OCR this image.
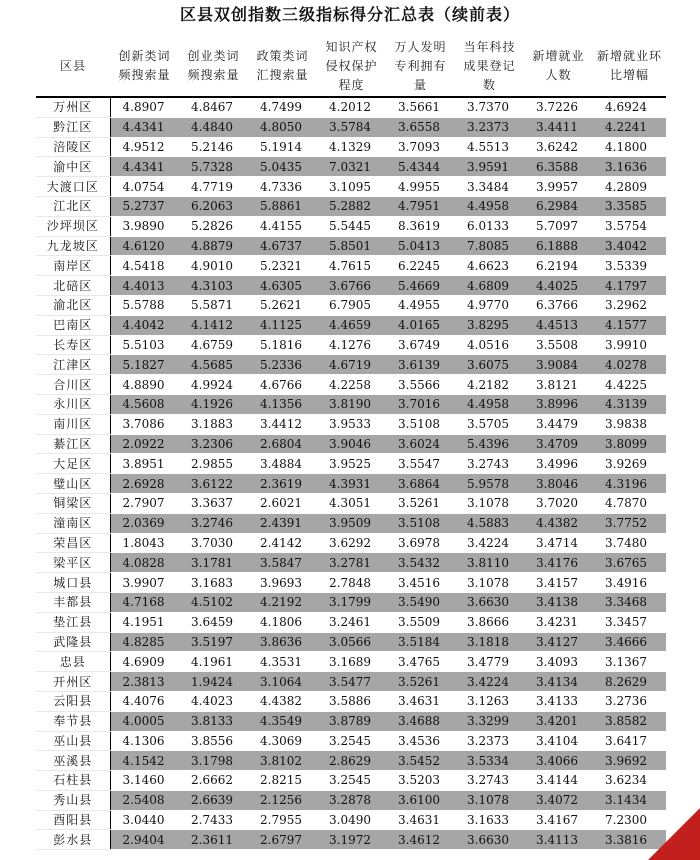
区县双创指数三级指标得分汇总表（续前表）
区县	创新类词频搜索量	创业类词频搜索量	政策类词汇搜索量	知识产权侵权保护程度	万人发明专利拥有量	当年科技成果登记数	新增就业人数	新增就业环比增幅
万州区	4.8907	4.8467	4.7499	4.2012	3.5661	3.7370	3.7226	4.6924
黔江区	4.4341	4.4840	4.8050	3.5784	3.6558	3.2373	3.4411	4.2241
涪陵区	4.9512	5.2146	5.1914	4.1329	3.7093	4.5513	3.6242	4.1800
渝中区	4.4341	5.7328	5.0435	7.0321	5.4344	3.9591	6.3588	3.1636
大渡口区	4.0754	4.7719	4.7336	3.1095	4.9955	3.3484	3.9957	4.2809
江北区	5.2737	6.2063	5.8861	5.2882	4.7951	4.4958	6.2984	3.3585
沙坪坝区	3.9890	5.2826	4.4155	5.5445	8.3619	6.0133	5.7097	3.5754
九龙坡区	4.6120	4.8879	4.6737	5.8501	5.0413	7.8085	6.1888	3.4042
南岸区	4.5418	4.9010	5.2321	4.7615	6.2245	4.6623	6.2194	3.5339
北碚区	4.4013	4.3103	4.6305	3.6766	5.4669	4.6809	4.4025	4.1797
渝北区	5.5788	5.5871	5.2621	6.7905	4.4955	4.9770	6.3766	3.2962
巴南区	4.4042	4.1412	4.1125	4.4659	4.0165	3.8295	4.4513	4.1577
长寿区	5.5103	4.6759	5.1816	4.1276	3.6749	4.0516	3.5508	3.9910
江津区	5.1827	4.5685	5.2336	4.6719	3.6139	3.6075	3.9084	4.0278
合川区	4.8890	4.9924	4.6766	4.2258	3.5566	4.2182	3.8121	4.4225
永川区	4.5608	4.1926	4.1356	3.8190	3.7016	4.4958	3.8996	4.3139
南川区	3.7086	3.1883	3.4412	3.9533	3.5108	3.5705	3.4479	3.9838
綦江区	2.0922	3.2306	2.6804	3.9046	3.6024	5.4396	3.4709	3.8099
大足区	3.8951	2.9855	3.4884	3.9525	3.5547	3.2743	3.4996	3.9269
璧山区	2.6928	3.6122	2.3619	4.3931	3.6864	5.9578	3.8046	4.3196
铜梁区	2.7907	3.3637	2.6021	4.3051	3.5261	3.1078	3.7020	4.7870
潼南区	2.0369	3.2746	2.4391	3.9509	3.5108	4.5883	4.4382	3.7752
荣昌区	1.8043	3.7030	2.4142	3.6292	3.6978	3.4224	3.4714	3.7480
梁平区	4.0828	3.1781	3.5847	3.2781	3.5432	3.8110	3.4176	3.6765
城口县	3.9907	3.1683	3.9693	2.7848	3.4516	3.1078	3.4157	3.4916
丰都县	4.7168	4.5102	4.2192	3.1799	3.5490	3.6630	3.4138	3.3468
垫江县	4.1951	3.6459	4.1806	3.2461	3.5509	3.8666	3.4231	3.3457
武隆县	4.8285	3.5197	3.8636	3.0566	3.5184	3.1818	3.4127	3.4666
忠县	4.6909	4.1961	4.3531	3.1689	3.4765	3.4779	3.4093	3.1367
开州区	2.3813	1.9424	3.1064	3.5477	3.5261	3.4224	3.4134	8.2629
云阳县	4.4076	4.4023	4.4382	3.5886	3.4631	3.1263	3.4133	3.2736
奉节县	4.0005	3.8133	4.3549	3.8789	3.4688	3.3299	3.4201	3.8582
巫山县	4.1306	3.8556	4.3069	3.2545	3.4536	3.2373	3.4104	3.6417
巫溪县	4.1542	3.1798	3.8102	2.8629	3.5452	3.5334	3.4066	3.9692
石柱县	3.1460	2.6662	2.8215	3.2545	3.5203	3.2743	3.4144	3.6234
秀山县	2.5408	2.6639	2.1256	3.2878	3.6100	3.1078	3.4072	3.1434
酉阳县	3.0440	2.7433	2.7955	3.0490	3.4631	3.1633	3.4167	7.2300
彭水县	2.9404	2.3611	2.6797	3.1972	3.4612	3.6630	3.4113	3.3816
